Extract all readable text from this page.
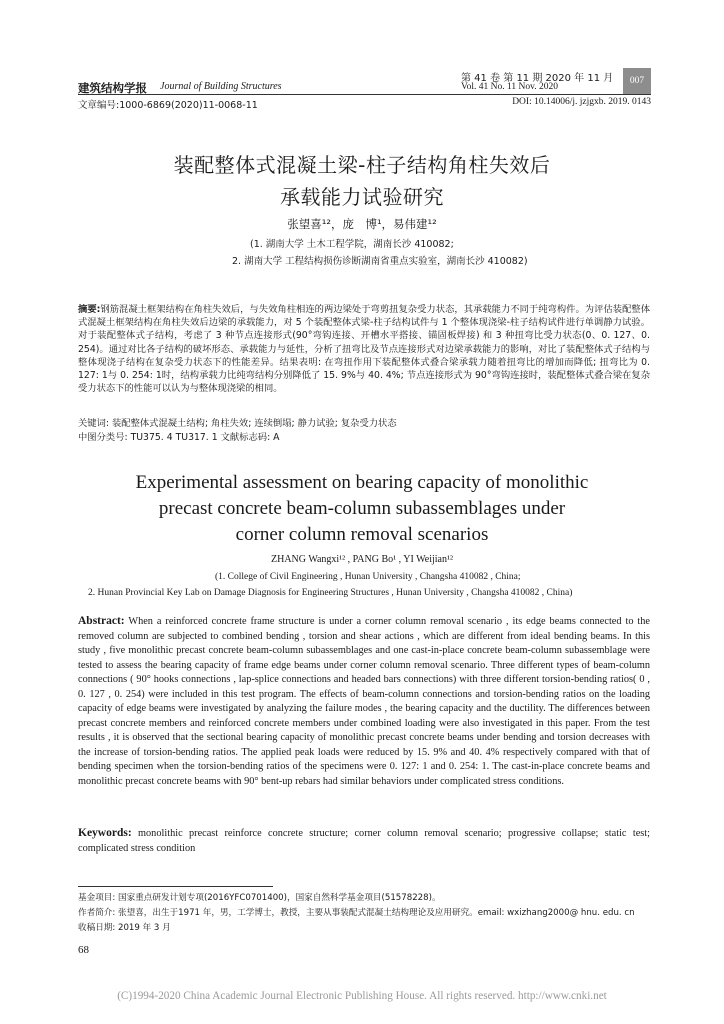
建筑结构学报 Journal of Building Structures
第 41 卷 第 11 期 2020 年 11 月
Vol. 41 No. 11 Nov. 2020
007
文章编号:1000-6869(2020)11-0068-11	DOI: 10.14006/j. jzjgxb. 2019. 0143
装配整体式混凝土梁-柱子结构角柱失效后
承载能力试验研究
张望喜¹²，庞　博¹，易伟建¹²
(1. 湖南大学 土木工程学院，湖南长沙 410082;
2. 湖南大学 工程结构损伤诊断湖南省重点实验室，湖南长沙 410082)
摘要:钢筋混凝土框架结构在角柱失效后，与失效角柱相连的两边梁处于弯剪扭复杂受力状态，其承载能力不同于纯弯构件。为评估装配整体式混凝土框架结构在角柱失效后边梁的承载能力，对 5 个装配整体式梁-柱子结构试件与 1 个整体现浇梁-柱子结构试件进行单调静力试验。对于装配整体式子结构，考虑了 3 种节点连接形式(90°弯钩连接、开槽水平搭接、锚固板焊接) 和 3 种扭弯比受力状态(0、0. 127、0. 254)。通过对比各子结构的破坏形态、承载能力与延性，分析了扭弯比及节点连接形式对边梁承载能力的影响，对比了装配整体式子结构与整体现浇子结构在复杂受力状态下的性能差异。结果表明: 在弯扭作用下装配整体式叠合梁承载力随着扭弯比的增加而降低; 扭弯比为 0. 127: 1与 0. 254: 1时，结构承载力比纯弯结构分别降低了 15. 9%与 40. 4%; 节点连接形式为 90°弯钩连接时，装配整体式叠合梁在复杂受力状态下的性能可以认为与整体现浇梁的相同。
关键词: 装配整体式混凝土结构; 角柱失效; 连续倒塌; 静力试验; 复杂受力状态
中图分类号: TU375. 4 TU317. 1 文献标志码: A
Experimental assessment on bearing capacity of monolithic
precast concrete beam-column subassemblages under
corner column removal scenarios
ZHANG Wangxi¹² , PANG Bo¹ , YI Weijian¹²
(1. College of Civil Engineering , Hunan University , Changsha 410082 , China;
2. Hunan Provincial Key Lab on Damage Diagnosis for Engineering Structures , Hunan University , Changsha 410082 , China)
Abstract: When a reinforced concrete frame structure is under a corner column removal scenario , its edge beams connected to the removed column are subjected to combined bending , torsion and shear actions , which are different from ideal bending beams. In this study , five monolithic precast concrete beam-column subassemblages and one cast-in-place concrete beam-column subassemblage were tested to assess the bearing capacity of frame edge beams under corner column removal scenario. Three different types of beam-column connections ( 90° hooks connections , lap-splice connections and headed bars connections) with three different torsion-bending ratios( 0 , 0. 127 , 0. 254) were included in this test program. The effects of beam-column connections and torsion-bending ratios on the loading capacity of edge beams were investigated by analyzing the failure modes , the bearing capacity and the ductility. The differences between precast concrete members and reinforced concrete members under combined loading were also investigated in this paper. From the test results , it is observed that the sectional bearing capacity of monolithic precast concrete beams under bending and torsion decreases with the increase of torsion-bending ratios. The applied peak loads were reduced by 15. 9% and 40. 4% respectively compared with that of bending specimen when the torsion-bending ratios of the specimens were 0. 127: 1 and 0. 254: 1. The cast-in-place concrete beams and monolithic precast concrete beams with 90° bent-up rebars had similar behaviors under complicated stress conditions.
Keywords: monolithic precast reinforce concrete structure; corner column removal scenario; progressive collapse; static test; complicated stress condition
基金项目: 国家重点研发计划专项(2016YFC0701400)，国家自然科学基金项目(51578228)。
作者简介: 张望喜，出生于1971 年，男，工学博士，教授，主要从事装配式混凝土结构理论及应用研究。email: wxizhang2000@ hnu. edu. cn
收稿日期: 2019 年 3 月
68
(C)1994-2020 China Academic Journal Electronic Publishing House. All rights reserved. http://www.cnki.net
